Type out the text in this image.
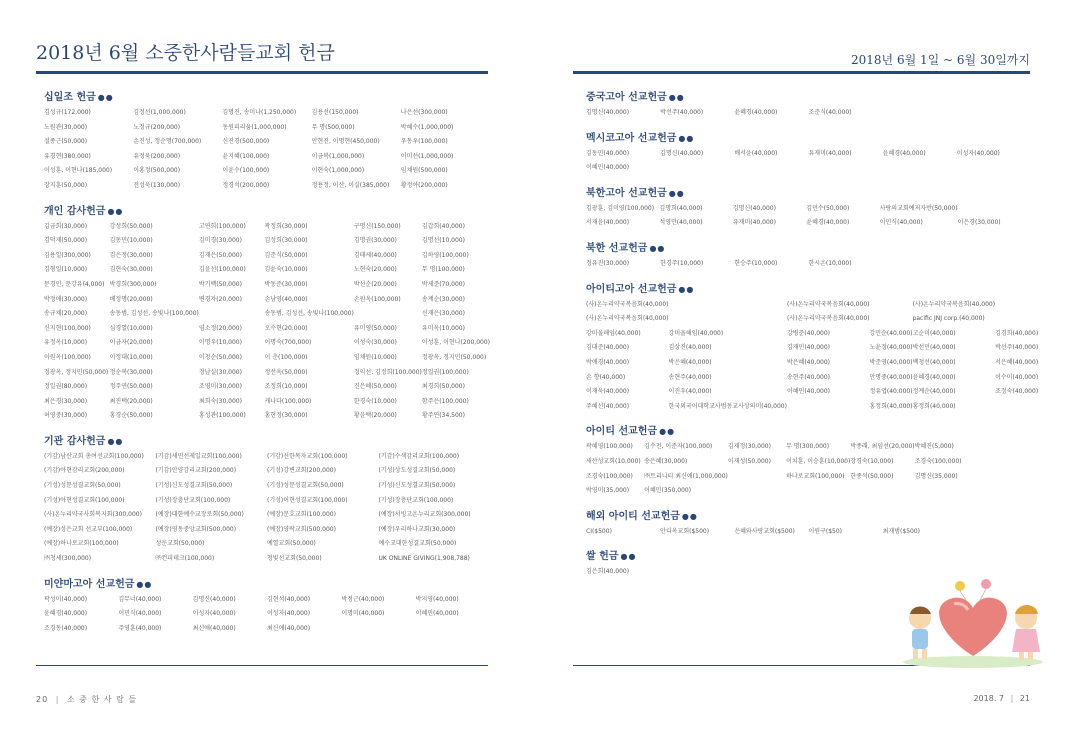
2018년 6월 소중한사람들교회 헌금	2018년 6월 1일 ~ 6월 30일까지
십일조 헌금 ●●
김성규(172,000)	김정선(1,000,000)	김명진, 송미나(1,250,000)	김용선(150,000)	나은선(300,000)
노원관(30,000)	노정규(200,000)	동원피리움(1,000,000)	무 명(500,000)	박혜수(1,000,000)
설종근(50,000)	손진성, 정순명(700,000)	신진경(500,000)	안현진, 이명현(450,000)	우동우(100,000)
유경현(380,000)	유정욱(200,000)	윤지혜(100,000)	이금복(1,000,000)	이미선(1,000,000)
이성훈, 이현나(185,000)	이홍정(500,000)	이윤수(100,000)	이현숙(1,000,000)	임채원(500,000)
장지훈(50,000)	전성욱(130,000)	정경석(200,000)	정용정, 이산, 이실(385,000)	황정아(200,000)
개인 감사헌금 ●●
김금희(30,000)	강성희(50,000)	고연희(100,000)	곽정희(30,000)	구명신(150,000)	김갑희(40,000)
김덕재(50,000)	김동민(10,000)	김미경(30,000)	김성희(30,000)	김명권(30,000)	김명선(10,000)
김용일(300,000)	김은정(30,000)	김재은(50,000)	김준식(50,000)	김태세(40,000)	김하영(100,000)
김형일(10,000)	김현숙(30,000)	김윤선(100,000)	김윤숙(10,000)	노현숙(20,000)	무 명(100,000)
문경민, 문강유(4,000) 박경희(300,000)	박기백(50,000)	박동준(30,000)	박선순(20,000)	박세준(70,000)
박정애(30,000)	배정명(20,000)	변경자(20,000)	손남영(40,000)	손원옥(100,000)	송계순(30,000)
송규채(20,000)	송동범, 김성선, 송빛나(100,000)	송동범, 김성선, 송빛나(100,000)	신재은(30,000)
신지현(100,000)	심경열(10,000)	염소정(20,000)	오수현(20,000)	유미영(50,000)	유미옥(10,000)
유정옥(10,000)	이금자(20,000)	이명우(10,000)	이명숙(700,000)	이성숙(30,000)	이성훈, 이현나(200,000)
이원옥(100,000)	이정대(10,000)	이청순(50,000)	이 춘(100,000)	임채원(10,000)	정광옥, 정지민(50,000)
정광옥, 정지민(50,000) 정순복(30,000)	정남실(30,000)	정선옥(50,000)	정익선, 김정희(100,000) 정일권(100,000)
정일권(80,000)	정주연(50,000)	조영미(30,000)	조정희(10,000)	진은혜(50,000)	최경희(50,000)
최은경(30,000)	최진택(20,000)	최희숙(30,000)	캐나다(100,000)	한경숙(10,000)	함주은(100,000)
허영중(30,000)	홍경순(50,000)	홍성관(100,000)	홍현정(30,000)	황윤택(20,000)	황주연(34,500)
기관 감사헌금 ●●
(기감)남산교회 총여선교회(100,000)	(기감)새민선제일교회(100,000)	(기감)선한목자교회(100,000)	(기감)수색감리교회(100,000)
(기감)아현감리교회(200,000)	(기감)안양감리교회(200,000)	(기성)강변교회(200,000)	(기성)상도성결교회(50,000)
(기성)성문성결교회(50,000)	(기성)신도성결교회(50,000)	(기성)성문성결교회(50,000)	(기성)신도성결교회(50,000)
(기성)아현성결교회(100,000)	(기성)장충단교회(100,000)	(기성)이현성결교회(100,000)	(기성)장충단교회(100,000)
(사)온누리약국사회복지회(300,000)	(예장)대한예수교장로회(50,000)	(예장)문호교회(100,000)	(예장)서빙고온누리교회(300,000)
(예장)성은교회 선교부(100,000)	(예장)영동중앙교회(500,000)	(예장)영락교회(500,000)	(예장)우리하나교회(30,000)
(예장)하나로교회(100,000)	성운교회(50,000)	예열교회(50,000)	예수교대한성결교회(50,000)
㈜청세(300,000)	㈜컨피테크(100,000)	청빛선교회(50,000)	UK ONLINE GIVING(1,908,788)
미얀마고아 선교헌금 ●●
곽성미(40,000)	김무너(40,000)	김명신(40,000)	김현석(40,000)	박정근(40,000)	박지영(40,000)
윤혜경(40,000)	이민식(40,000)	이성자(40,000)	이성자(40,000)	이명미(40,000)	이혜민(40,000)
조경동(40,000)	주영훈(40,000)	최신애(40,000)	최신애(40,000)
중국고아 선교헌금 ●●
김명신(40,000)	박선주(40,000)	윤혜경(40,000)	조준식(40,000)
멕시코고아 선교헌금 ●●
김동민(40,000)	김명신(40,000)	배서윤(40,000)	유재미(40,000)	윤혜경(40,000)	이성자(40,000)
이혜민(40,000)
북한고아 선교헌금 ●●
김광훈, 김미영(100,000) 김명희(40,000)	김명신(40,000)	김민수(50,000)	사랑의교회예저자반(50,000)
서재윤(40,000)	석영민(40,000)	유재미(40,000)	윤혜경(40,000)	이민식(40,000)	이은경(30,000)
북한 선교헌금 ●●
정유진(30,000)	한경주(10,000)	한승주(10,000)	한시온(10,000)
아이티고아 선교헌금 ●●
(사)온누리약국복음회(40,000)	(사)온누리약국복음회(40,000)	(사)온누리약국복음회(40,000)
(사)온누리약국복음회(40,000)	(사)온누리약국복음회(40,000)	pacific JNJ corp.(40,000)
강미올해임(40,000)	강미올해임(40,000)	강병준(40,000)	강민순(40,000) 고순미(40,000)	김경희(40,000)
김대준(40,000)	김상진(40,000)	김재민(40,000)	노윤정(40,000) 박선민(40,000)	박선주(40,000)
박애경(40,000)	박은혜(40,000)	박은혜(40,000)	박준영(40,000) 백청선(40,000)	서은혜(40,000)
손 향(40,000)	송현주(40,000)	송현주(40,000)	안명중(40,000) 윤혜경(40,000)	이수미(40,000)
이재욱(40,000)	이진우(40,000)	이혜민(40,000)	정유엽(40,000) 정계순(40,000)	조정숙(40,000)
주혜선(40,000)	한국외국어대학교사범동교사상의미(40,000)	홍정희(40,000) 홍정희(40,000)
아이티 선교헌금 ●●
곽혜영(100,000)	김수천, 이준자(100,000)	김재정(30,000)	무 명(300,000)	박종래, 최임선(20,000) 박혜진(5,000)
새산성교회(10,000) 송은혜(30,000)	이재성(50,000)	이치훈, 이승훈(10,000) 장경숙(10,000)	조경숙(100,000)
조경숙(100,000)	㈜트리니티 최신애(1,000,000)	하나로교회(100,000) 한종석(50,000)	김명신(35,000)
박영미(35,000)	이혜민(350,000)
해외 아이티 선교헌금 ●●
CI($500)	안디옥교회($500)	은혜와사랑교회($500)	이원구($50)	최재범($500)
쌀 헌금 ●●
김은희(40,000)
20 | 소 중 한 사 람 들	2018. 7 | 21
